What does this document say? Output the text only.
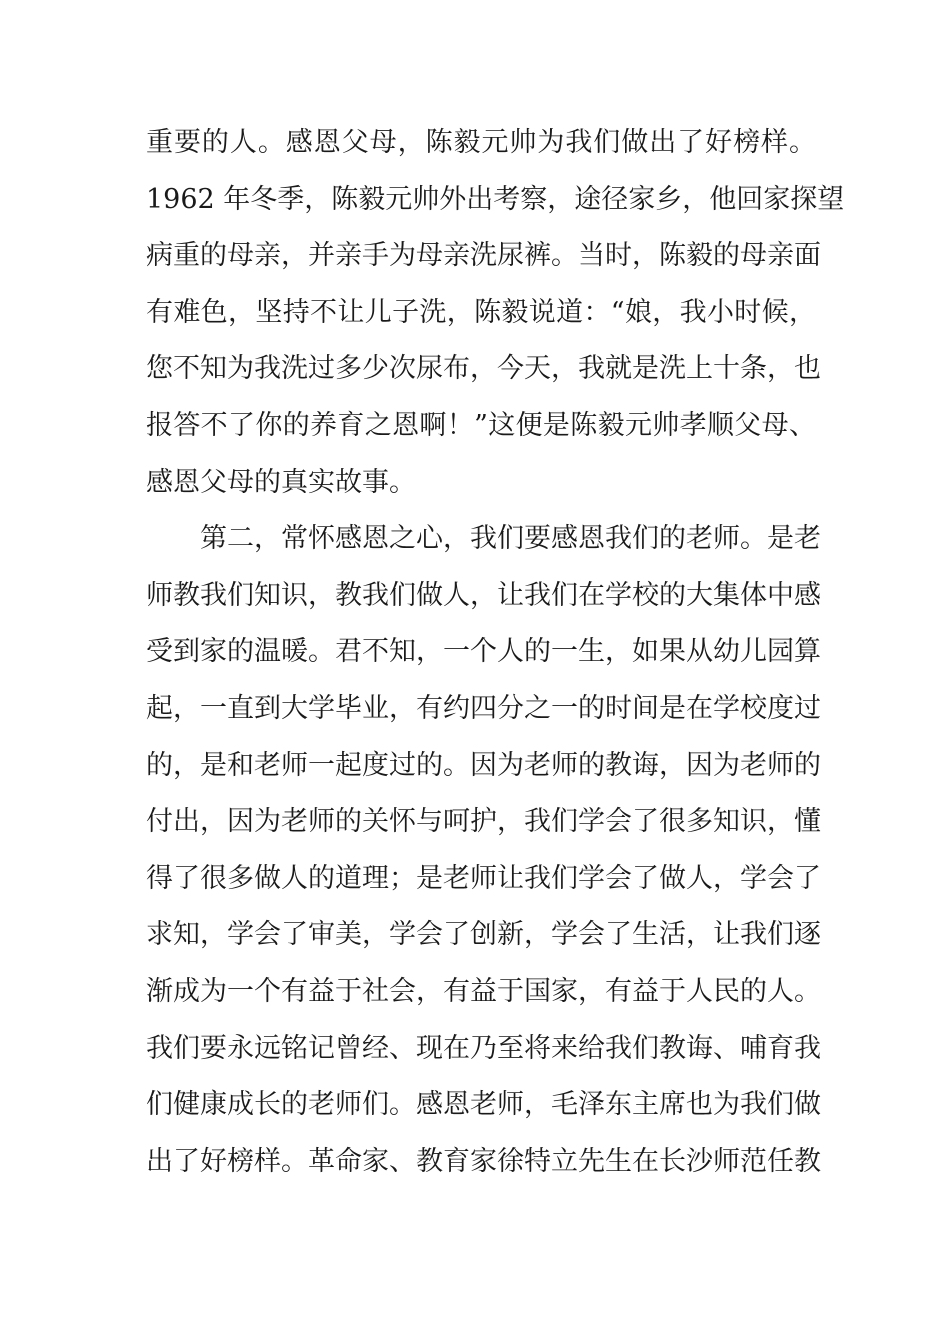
重要的人。感恩父母，陈毅元帅为我们做出了好榜样。
1962 年冬季，陈毅元帅外出考察，途径家乡，他回家探望
病重的母亲，并亲手为母亲洗尿裤。当时，陈毅的母亲面
有难色，坚持不让儿子洗，陈毅说道：“娘，我小时候，
您不知为我洗过多少次尿布，今天，我就是洗上十条，也
报答不了你的养育之恩啊！”这便是陈毅元帅孝顺父母、
感恩父母的真实故事。
第二，常怀感恩之心，我们要感恩我们的老师。是老
师教我们知识，教我们做人，让我们在学校的大集体中感
受到家的温暖。君不知，一个人的一生，如果从幼儿园算
起，一直到大学毕业，有约四分之一的时间是在学校度过
的，是和老师一起度过的。因为老师的教诲，因为老师的
付出，因为老师的关怀与呵护，我们学会了很多知识，懂
得了很多做人的道理；是老师让我们学会了做人，学会了
求知，学会了审美，学会了创新，学会了生活，让我们逐
渐成为一个有益于社会，有益于国家，有益于人民的人。
我们要永远铭记曾经、现在乃至将来给我们教诲、哺育我
们健康成长的老师们。感恩老师，毛泽东主席也为我们做
出了好榜样。革命家、教育家徐特立先生在长沙师范任教
